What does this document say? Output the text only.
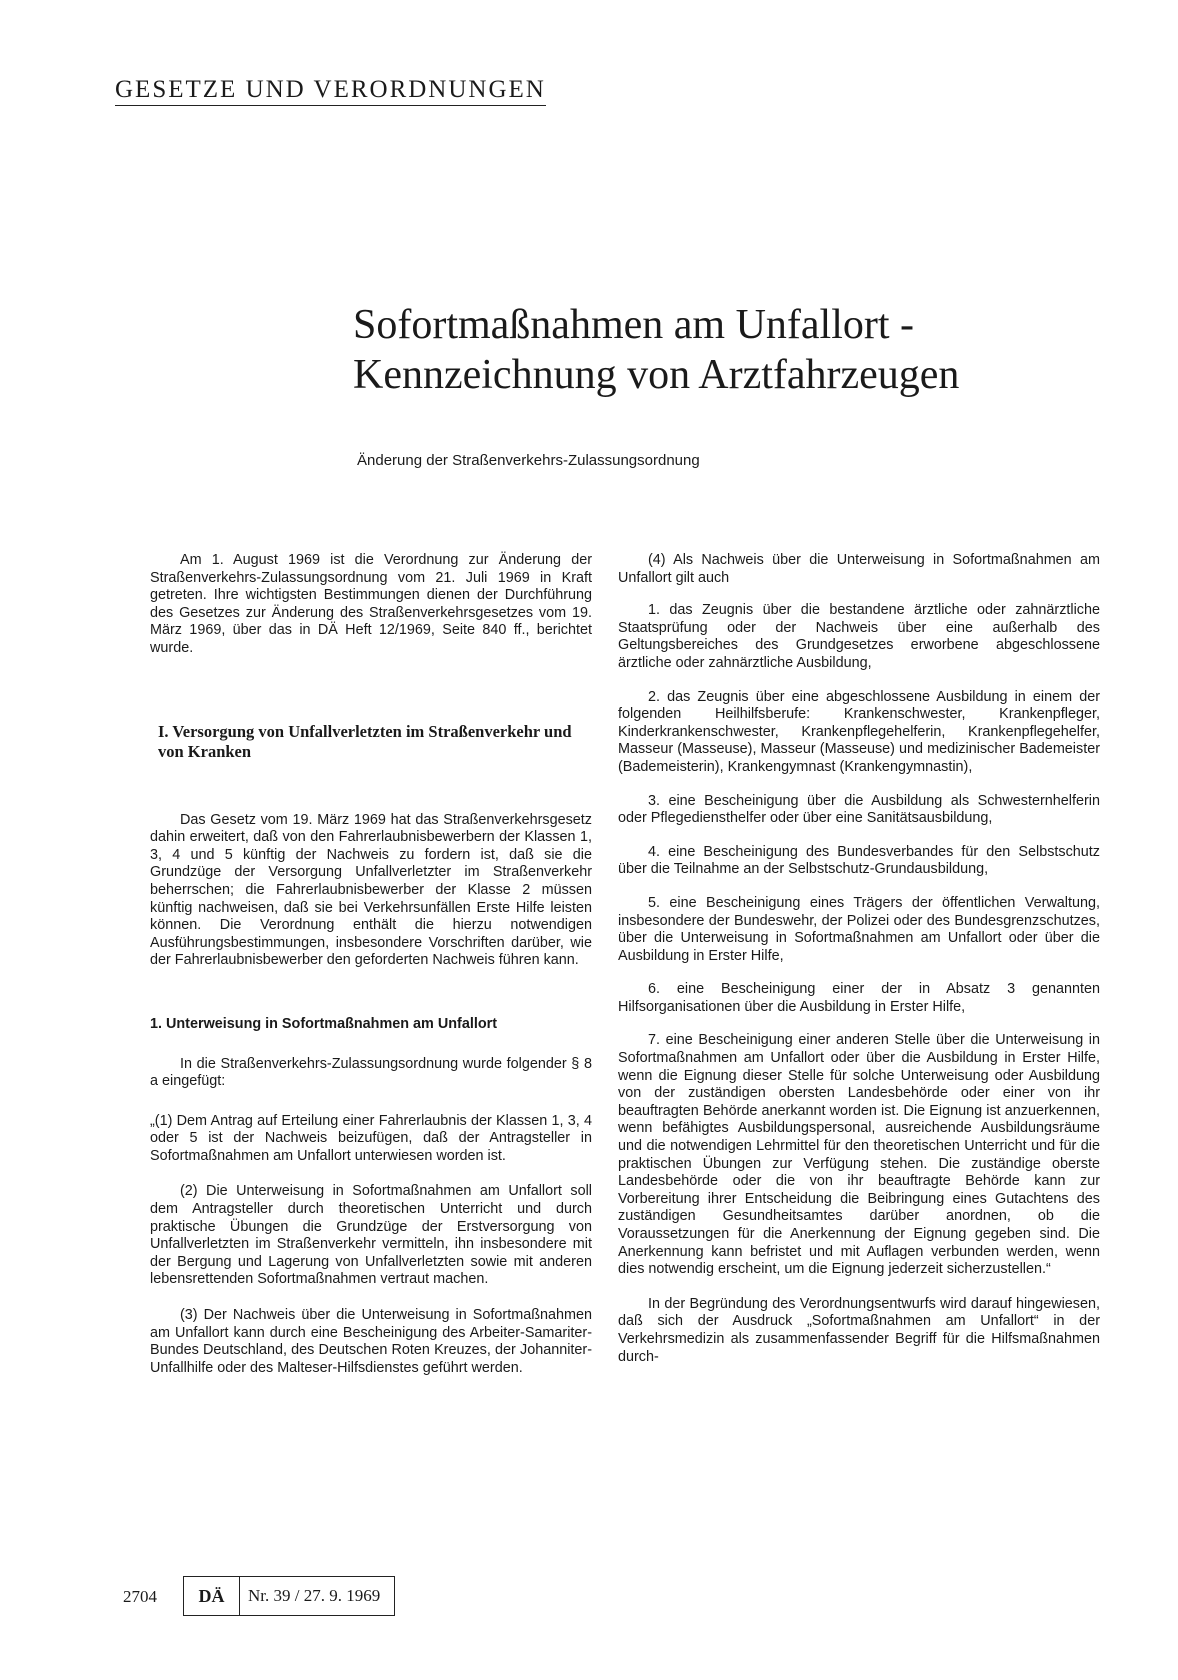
GESETZE UND VERORDNUNGEN
Sofortmaßnahmen am Unfallort -
Kennzeichnung von Arztfahrzeugen
Änderung der Straßenverkehrs-Zulassungsordnung

Am 1. August 1969 ist die Verordnung zur Änderung der Straßenverkehrs-Zulassungsordnung vom 21. Juli 1969 in Kraft getreten. Ihre wichtigsten Bestimmungen dienen der Durchführung des Gesetzes zur Änderung des Straßenverkehrsgesetzes vom 19. März 1969, über das in DÄ Heft 12/1969, Seite 840 ff., berichtet wurde.

I. Versorgung von Unfallverletzten im Straßenverkehr und von Kranken

Das Gesetz vom 19. März 1969 hat das Straßenverkehrsgesetz dahin erweitert, daß von den Fahrerlaubnisbewerbern der Klassen 1, 3, 4 und 5 künftig der Nachweis zu fordern ist, daß sie die Grundzüge der Versorgung Unfallverletzter im Straßenverkehr beherrschen; die Fahrerlaubnisbewerber der Klasse 2 müssen künftig nachweisen, daß sie bei Verkehrsunfällen Erste Hilfe leisten können. Die Verordnung enthält die hierzu notwendigen Ausführungsbestimmungen, insbesondere Vorschriften darüber, wie der Fahrerlaubnisbewerber den geforderten Nachweis führen kann.

1. Unterweisung in Sofortmaßnahmen am Unfallort

In die Straßenverkehrs-Zulassungsordnung wurde folgender § 8 a eingefügt:

„(1) Dem Antrag auf Erteilung einer Fahrerlaubnis der Klassen 1, 3, 4 oder 5 ist der Nachweis beizufügen, daß der Antragsteller in Sofortmaßnahmen am Unfallort unterwiesen worden ist.

(2) Die Unterweisung in Sofortmaßnahmen am Unfallort soll dem Antragsteller durch theoretischen Unterricht und durch praktische Übungen die Grundzüge der Erstversorgung von Unfallverletzten im Straßenverkehr vermitteln, ihn insbesondere mit der Bergung und Lagerung von Unfallverletzten sowie mit anderen lebensrettenden Sofortmaßnahmen vertraut machen.

(3) Der Nachweis über die Unterweisung in Sofortmaßnahmen am Unfallort kann durch eine Bescheinigung des Arbeiter-Samariter-Bundes Deutschland, des Deutschen Roten Kreuzes, der Johanniter-Unfallhilfe oder des Malteser-Hilfsdienstes geführt werden.

(4) Als Nachweis über die Unterweisung in Sofortmaßnahmen am Unfallort gilt auch

1. das Zeugnis über die bestandene ärztliche oder zahnärztliche Staatsprüfung oder der Nachweis über eine außerhalb des Geltungsbereiches des Grundgesetzes erworbene abgeschlossene ärztliche oder zahnärztliche Ausbildung,

2. das Zeugnis über eine abgeschlossene Ausbildung in einem der folgenden Heilhilfsberufe: Krankenschwester, Krankenpfleger, Kinderkrankenschwester, Krankenpflegehelferin, Krankenpflegehelfer, Masseur (Masseuse), Masseur (Masseuse) und medizinischer Bademeister (Bademeisterin), Krankengymnast (Krankengymnastin),

3. eine Bescheinigung über die Ausbildung als Schwesternhelferin oder Pflegediensthelfer oder über eine Sanitätsausbildung,

4. eine Bescheinigung des Bundesverbandes für den Selbstschutz über die Teilnahme an der Selbstschutz-Grundausbildung,

5. eine Bescheinigung eines Trägers der öffentlichen Verwaltung, insbesondere der Bundeswehr, der Polizei oder des Bundesgrenzschutzes, über die Unterweisung in Sofortmaßnahmen am Unfallort oder über die Ausbildung in Erster Hilfe,

6. eine Bescheinigung einer der in Absatz 3 genannten Hilfsorganisationen über die Ausbildung in Erster Hilfe,

7. eine Bescheinigung einer anderen Stelle über die Unterweisung in Sofortmaßnahmen am Unfallort oder über die Ausbildung in Erster Hilfe, wenn die Eignung dieser Stelle für solche Unterweisung oder Ausbildung von der zuständigen obersten Landesbehörde oder einer von ihr beauftragten Behörde anerkannt worden ist. Die Eignung ist anzuerkennen, wenn befähigtes Ausbildungspersonal, ausreichende Ausbildungsräume und die notwendigen Lehrmittel für den theoretischen Unterricht und für die praktischen Übungen zur Verfügung stehen. Die zuständige oberste Landesbehörde oder die von ihr beauftragte Behörde kann zur Vorbereitung ihrer Entscheidung die Beibringung eines Gutachtens des zuständigen Gesundheitsamtes darüber anordnen, ob die Voraussetzungen für die Anerkennung der Eignung gegeben sind. Die Anerkennung kann befristet und mit Auflagen verbunden werden, wenn dies notwendig erscheint, um die Eignung jederzeit sicherzustellen.“

In der Begründung des Verordnungsentwurfs wird darauf hingewiesen, daß sich der Ausdruck „Sofortmaßnahmen am Unfallort“ in der Verkehrsmedizin als zusammenfassender Begriff für die Hilfsmaßnahmen durch-

2704	DÄ	Nr. 39 / 27. 9. 1969
